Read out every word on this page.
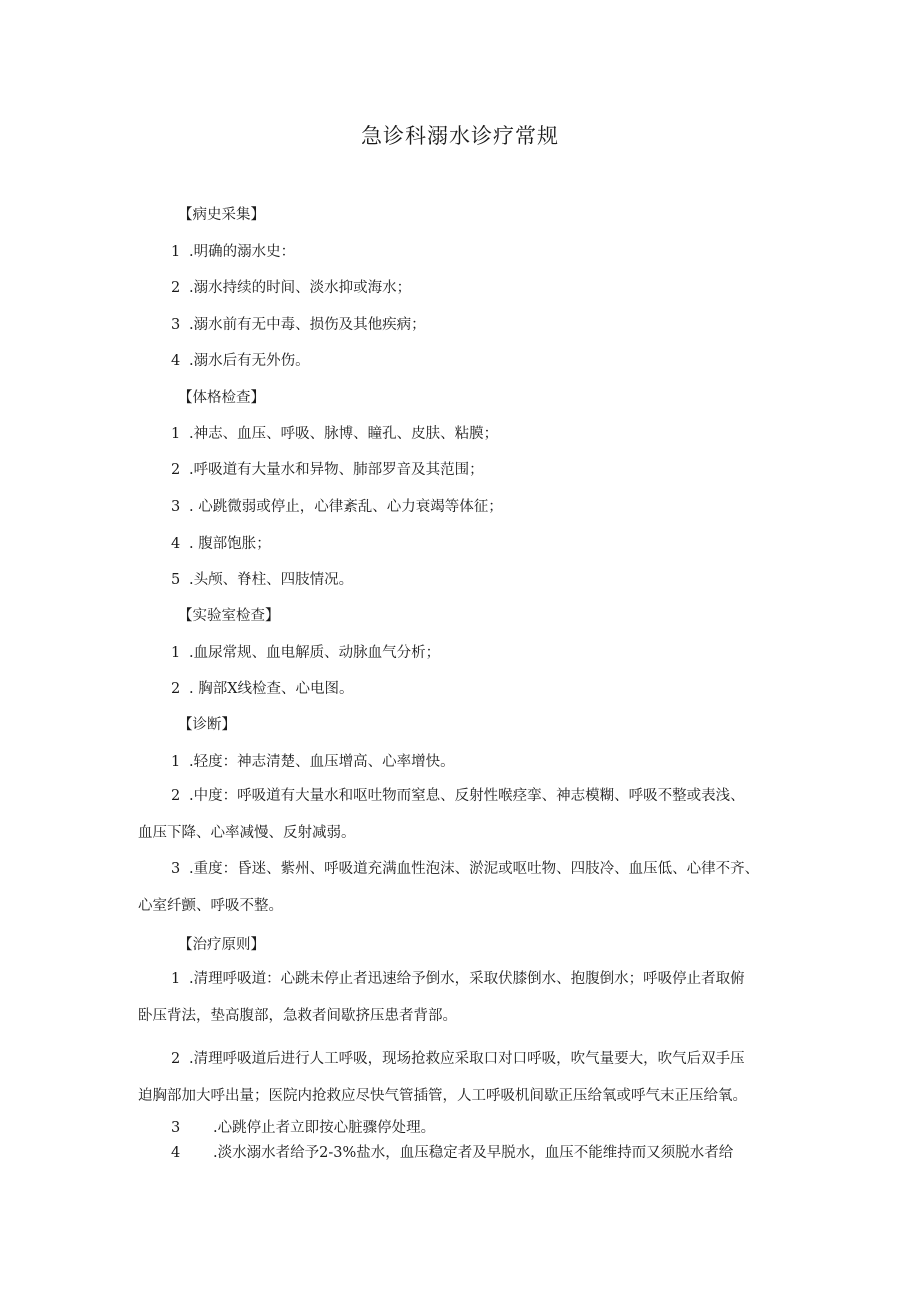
急诊科溺水诊疗常规
【病史采集】
1 .明确的溺水史：
2 .溺水持续的时间、淡水抑或海水；
3 .溺水前有无中毒、损伤及其他疾病；
4 .溺水后有无外伤。
【体格检查】
1 .神志、血压、呼吸、脉博、瞳孔、皮肤、粘膜；
2 .呼吸道有大量水和异物、肺部罗音及其范围；
3 . 心跳微弱或停止，心律紊乱、心力衰竭等体征；
4 . 腹部饱胀；
5 .头颅、脊柱、四肢情况。
【实验室检查】
1 .血尿常规、血电解质、动脉血气分析；
2 . 胸部X线检查、心电图。
【诊断】
1 .轻度：神志清楚、血压增高、心率增快。
2 .中度：呼吸道有大量水和呕吐物而窒息、反射性喉痉挛、神志模糊、呼吸不整或表浅、
血压下降、心率减慢、反射减弱。
3 .重度：昏迷、紫州、呼吸道充满血性泡沫、淤泥或呕吐物、四肢冷、血压低、心律不齐、
心室纤颤、呼吸不整。
【治疗原则】
1 .清理呼吸道：心跳未停止者迅速给予倒水，采取伏膝倒水、抱腹倒水；呼吸停止者取俯
卧压背法，垫高腹部，急救者间歇挤压患者背部。
2 .清理呼吸道后进行人工呼吸，现场抢救应采取口对口呼吸，吹气量要大，吹气后双手压
迫胸部加大呼出量；医院内抢救应尽快气管插管，人工呼吸机间歇正压给氧或呼气末正压给氧。
3 .心跳停止者立即按心脏骤停处理。
4 .淡水溺水者给予2-3%盐水，血压稳定者及早脱水，血压不能维持而又须脱水者给
